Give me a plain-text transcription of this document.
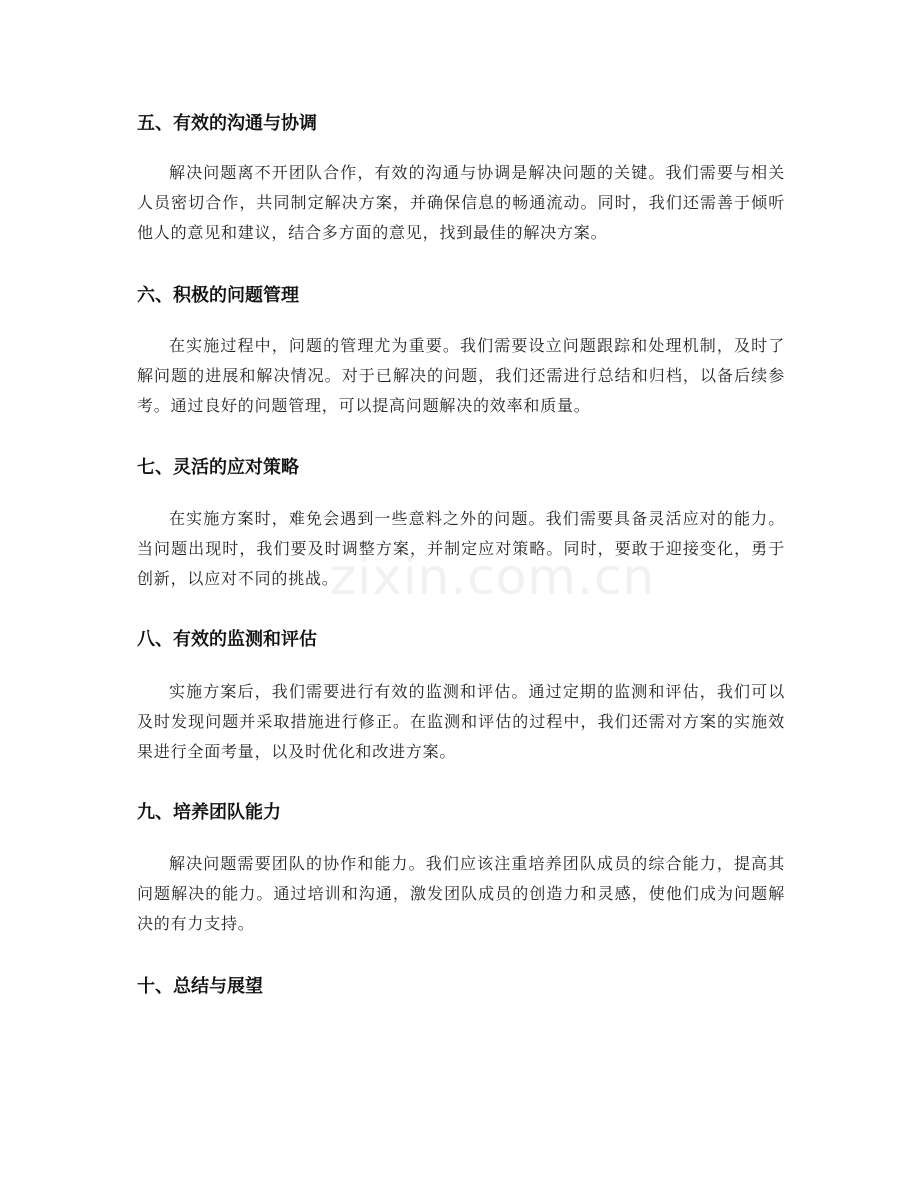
五、有效的沟通与协调
解决问题离不开团队合作，有效的沟通与协调是解决问题的关键。我们需要与相关人员密切合作，共同制定解决方案，并确保信息的畅通流动。同时，我们还需善于倾听他人的意见和建议，结合多方面的意见，找到最佳的解决方案。
六、积极的问题管理
在实施过程中，问题的管理尤为重要。我们需要设立问题跟踪和处理机制，及时了解问题的进展和解决情况。对于已解决的问题，我们还需进行总结和归档，以备后续参考。通过良好的问题管理，可以提高问题解决的效率和质量。
七、灵活的应对策略
在实施方案时，难免会遇到一些意料之外的问题。我们需要具备灵活应对的能力。当问题出现时，我们要及时调整方案，并制定应对策略。同时，要敢于迎接变化，勇于创新，以应对不同的挑战。
八、有效的监测和评估
实施方案后，我们需要进行有效的监测和评估。通过定期的监测和评估，我们可以及时发现问题并采取措施进行修正。在监测和评估的过程中，我们还需对方案的实施效果进行全面考量，以及时优化和改进方案。
九、培养团队能力
解决问题需要团队的协作和能力。我们应该注重培养团队成员的综合能力，提高其问题解决的能力。通过培训和沟通，激发团队成员的创造力和灵感，使他们成为问题解决的有力支持。
十、总结与展望
zixin.com.cn
